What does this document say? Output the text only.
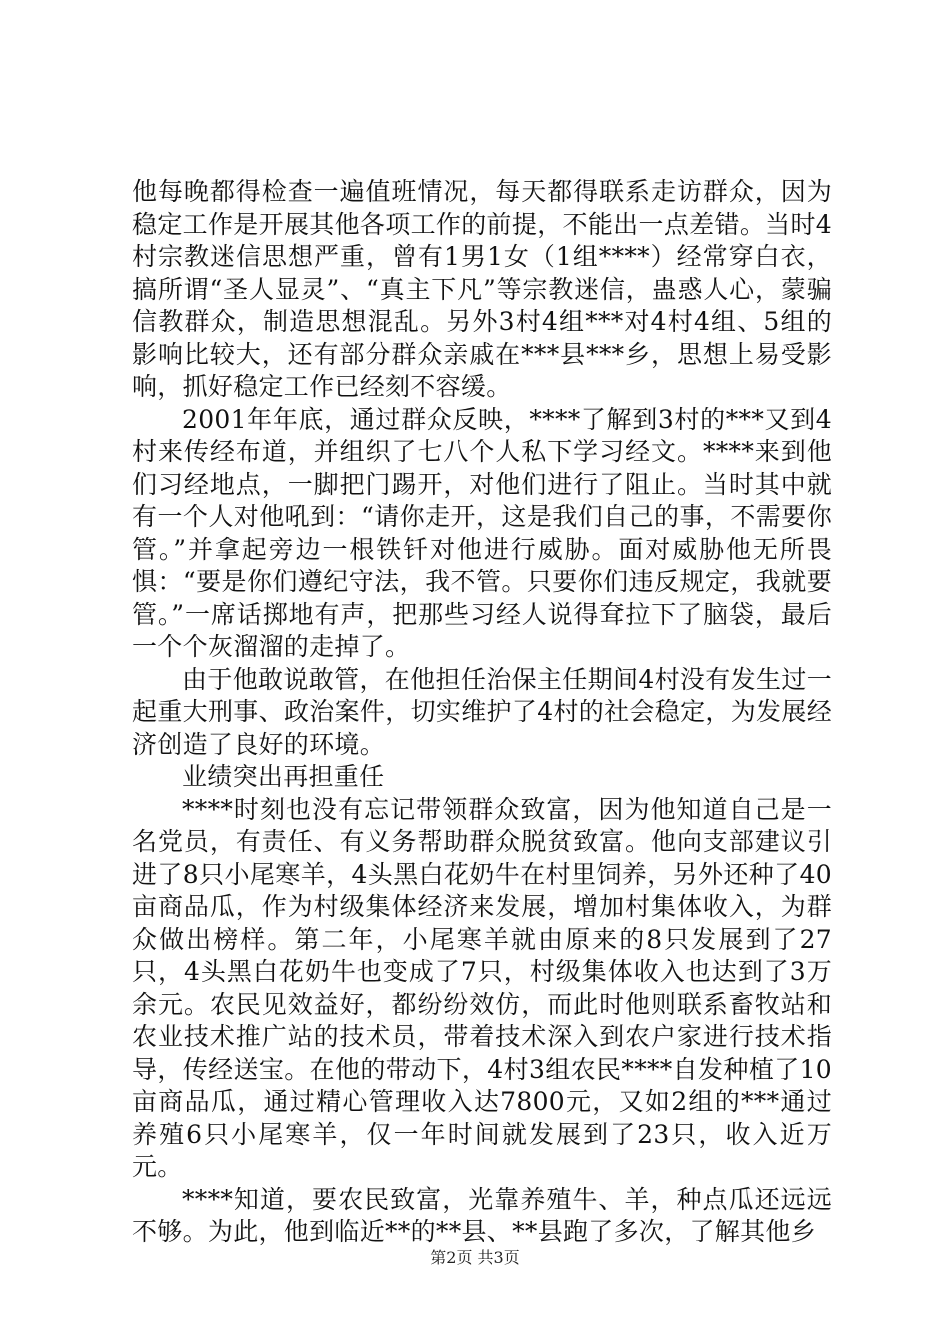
他每晚都得检查一遍值班情况，每天都得联系走访群众，因为稳定工作是开展其他各项工作的前提，不能出一点差错。当时4村宗教迷信思想严重，曾有1男1女（1组****）经常穿白衣，搞所谓“圣人显灵”、“真主下凡”等宗教迷信，蛊惑人心，蒙骗信教群众，制造思想混乱。另外3村4组***对4村4组、5组的影响比较大，还有部分群众亲戚在***县***乡，思想上易受影响，抓好稳定工作已经刻不容缓。

2001年年底，通过群众反映，****了解到3村的***又到4村来传经布道，并组织了七八个人私下学习经文。****来到他们习经地点，一脚把门踢开，对他们进行了阻止。当时其中就有一个人对他吼到：“请你走开，这是我们自己的事，不需要你管。”并拿起旁边一根铁钎对他进行威胁。面对威胁他无所畏惧：“要是你们遵纪守法，我不管。只要你们违反规定，我就要管。”一席话掷地有声，把那些习经人说得耷拉下了脑袋，最后一个个灰溜溜的走掉了。

由于他敢说敢管，在他担任治保主任期间4村没有发生过一起重大刑事、政治案件，切实维护了4村的社会稳定，为发展经济创造了良好的环境。

业绩突出再担重任

****时刻也没有忘记带领群众致富，因为他知道自己是一名党员，有责任、有义务帮助群众脱贫致富。他向支部建议引进了8只小尾寒羊，4头黑白花奶牛在村里饲养，另外还种了40亩商品瓜，作为村级集体经济来发展，增加村集体收入，为群众做出榜样。第二年，小尾寒羊就由原来的8只发展到了27只，4头黑白花奶牛也变成了7只，村级集体收入也达到了3万余元。农民见效益好，都纷纷效仿，而此时他则联系畜牧站和农业技术推广站的技术员，带着技术深入到农户家进行技术指导，传经送宝。在他的带动下，4村3组农民****自发种植了10亩商品瓜，通过精心管理收入达7800元，又如2组的***通过养殖6只小尾寒羊，仅一年时间就发展到了23只，收入近万元。

****知道，要农民致富，光靠养殖牛、羊，种点瓜还远远不够。为此，他到临近**的**县、**县跑了多次，了解其他乡

第2页 共3页
